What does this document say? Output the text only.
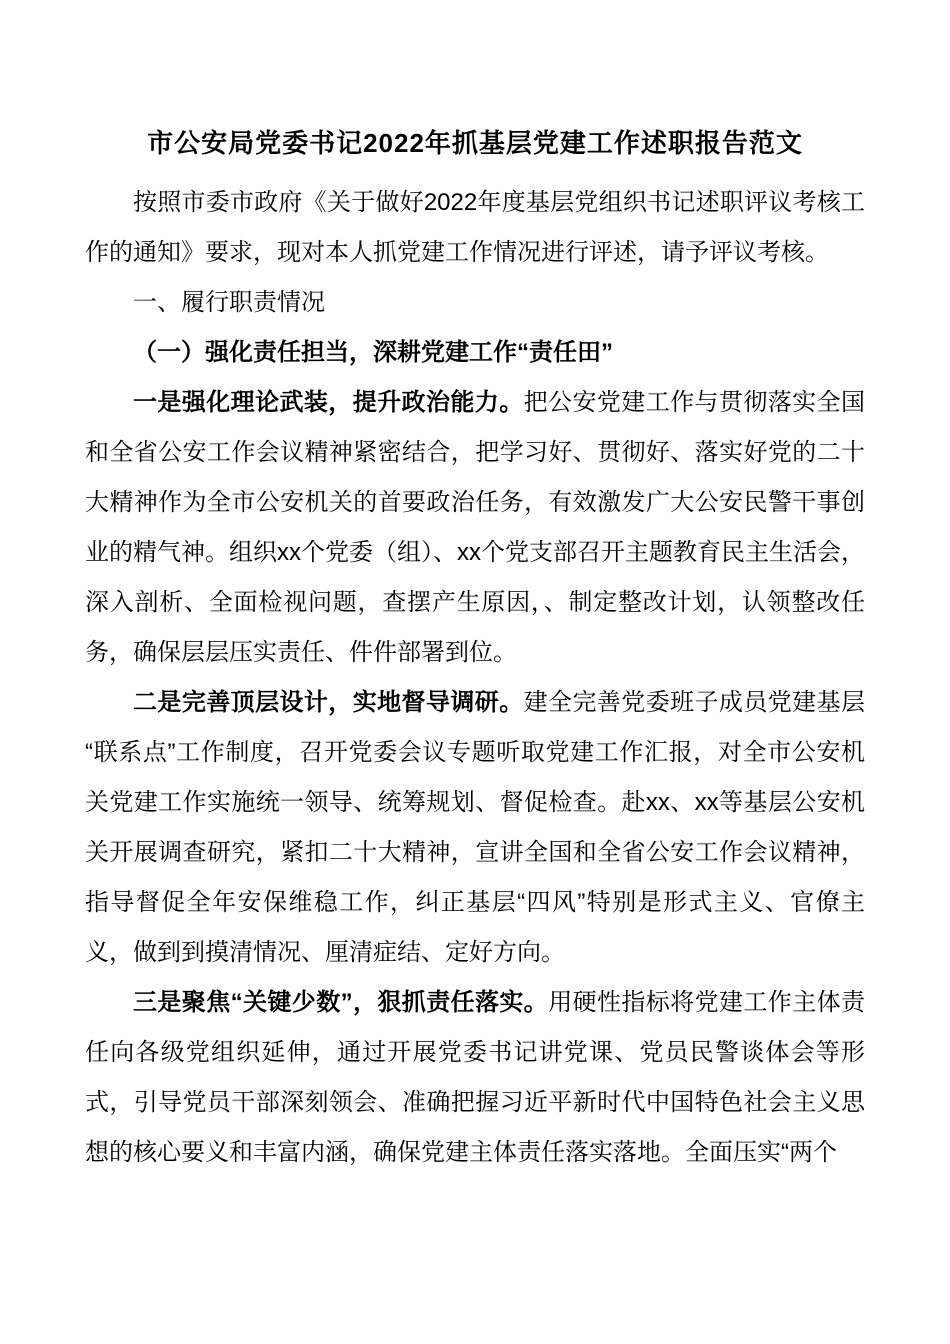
市公安局党委书记2022年抓基层党建工作述职报告范文

按照市委市政府《关于做好2022年度基层党组织书记述职评议考核工作的通知》要求，现对本人抓党建工作情况进行评述，请予评议考核。

一、履行职责情况
（一）强化责任担当，深耕党建工作“责任田”

一是强化理论武装，提升政治能力。把公安党建工作与贯彻落实全国和全省公安工作会议精神紧密结合，把学习好、贯彻好、落实好党的二十大精神作为全市公安机关的首要政治任务，有效激发广大公安民警干事创业的精气神。组织xx个党委（组）、xx个党支部召开主题教育民主生活会，深入剖析、全面检视问题，查摆产生原因，、制定整改计划，认领整改任务，确保层层压实责任、件件部署到位。

二是完善顶层设计，实地督导调研。建全完善党委班子成员党建基层“联系点”工作制度，召开党委会议专题听取党建工作汇报，对全市公安机关党建工作实施统一领导、统筹规划、督促检查。赴xx、xx等基层公安机关开展调查研究，紧扣二十大精神，宣讲全国和全省公安工作会议精神，指导督促全年安保维稳工作，纠正基层“四风”特别是形式主义、官僚主义，做到到摸清情况、厘清症结、定好方向。

三是聚焦“关键少数”，狠抓责任落实。用硬性指标将党建工作主体责任向各级党组织延伸，通过开展党委书记讲党课、党员民警谈体会等形式，引导党员干部深刻领会、准确把握习近平新时代中国特色社会主义思想的核心要义和丰富内涵，确保党建主体责任落实落地。全面压实“两个
